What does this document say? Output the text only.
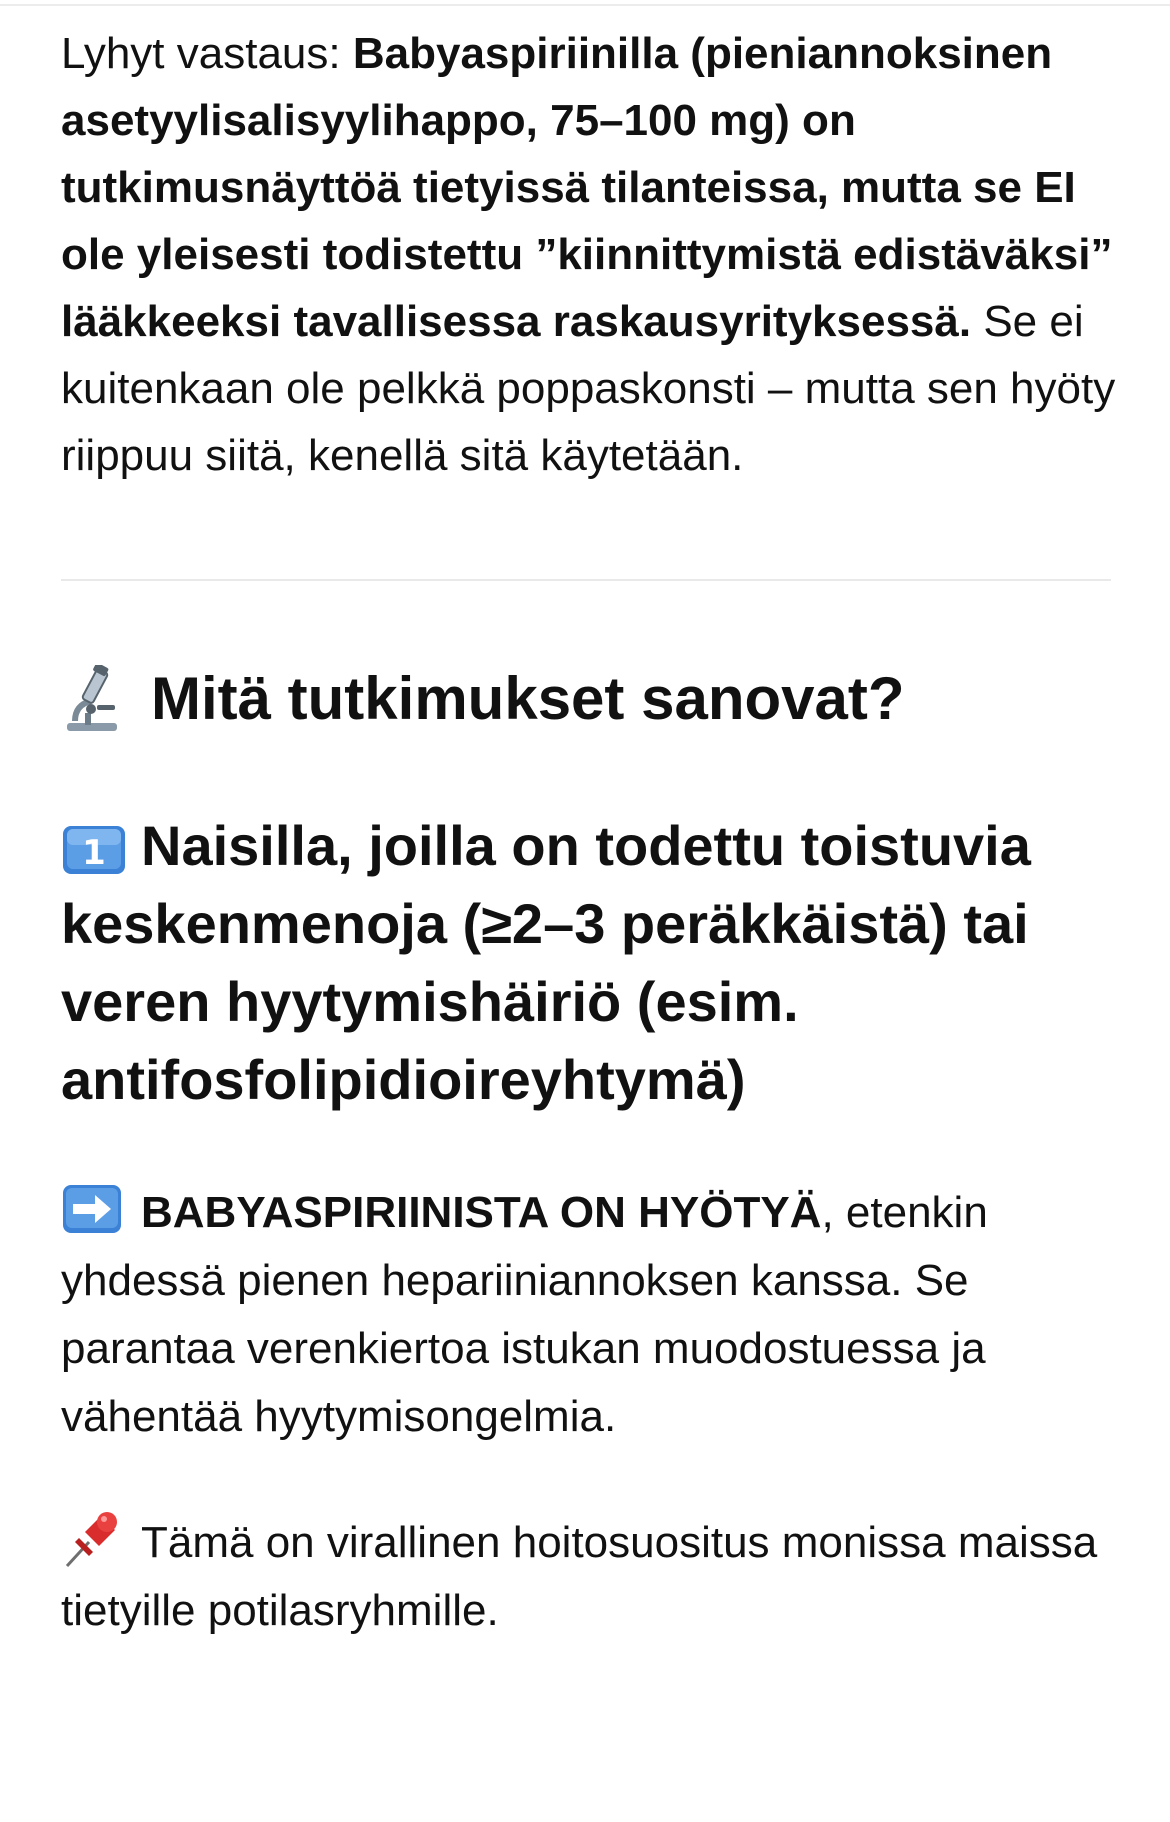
Lyhyt vastaus: Babyaspiriinilla (pieniannoksinen asetyylisalisyylihappo, 75–100 mg) on tutkimusnäyttöä tietyissä tilanteissa, mutta se EI ole yleisesti todistettu ”kiinnittymistä edistäväksi” lääkkeeksi tavallisessa raskausyrityksessä. Se ei kuitenkaan ole pelkkä poppaskonsti – mutta sen hyöty riippuu siitä, kenellä sitä käytetään.

Mitä tutkimukset sanovat?
1 Naisilla, joilla on todettu toistuvia keskenmenoja (≥2–3 peräkkäistä) tai veren hyytymishäiriö (esim. antifosfolipidioireyhtymä)

BABYASPIRIINISTA ON HYÖTYÄ, etenkin yhdessä pienen hepariiniannoksen kanssa. Se parantaa verenkiertoa istukan muodostuessa ja vähentää hyytymisongelmia.

Tämä on virallinen hoitosuositus monissa maissa tietyille potilasryhmille.
